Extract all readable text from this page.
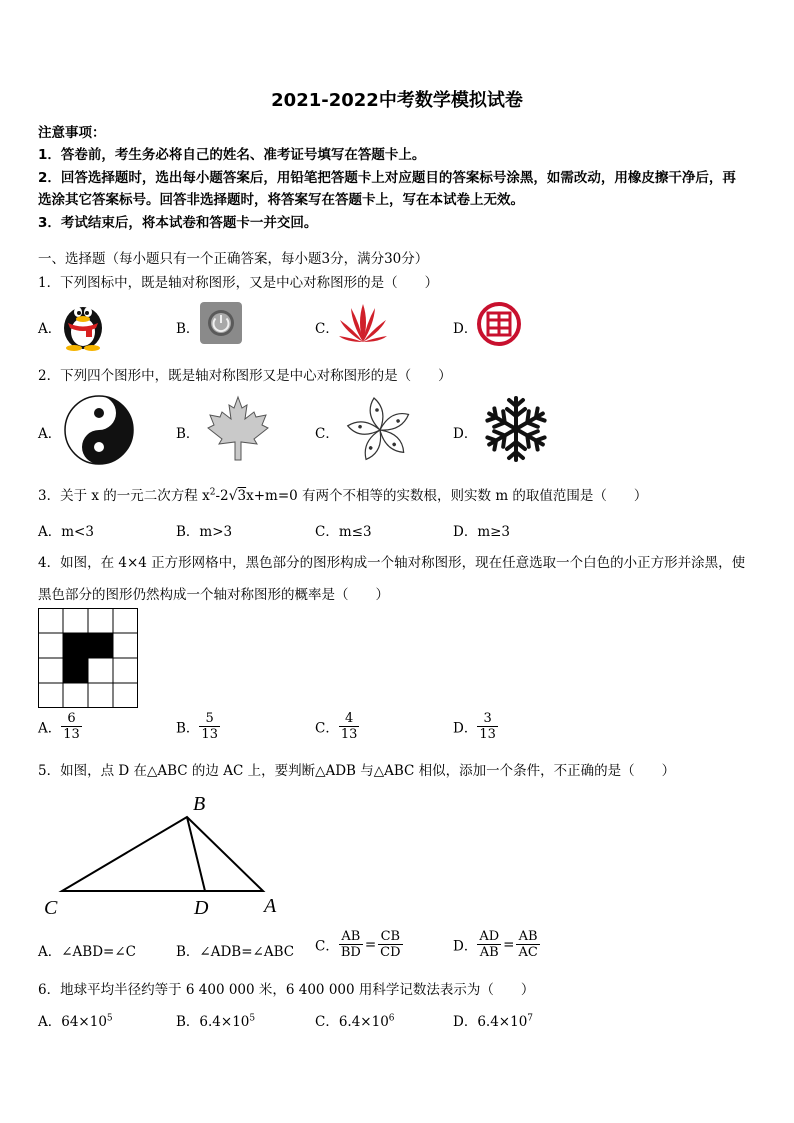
2021-2022中考数学模拟试卷
注意事项：
1．答卷前，考生务必将自己的姓名、准考证号填写在答题卡上。
2．回答选择题时，选出每小题答案后，用铅笔把答题卡上对应题目的答案标号涂黑，如需改动，用橡皮擦干净后，再
选涂其它答案标号。回答非选择题时，将答案写在答题卡上，写在本试卷上无效。
3．考试结束后，将本试卷和答题卡一并交回。
一、选择题（每小题只有一个正确答案，每小题3分，满分30分）
1．下列图标中，既是轴对称图形，又是中心对称图形的是（　　）
A．	B．	C．	D．
2．下列四个图形中，既是轴对称图形又是中心对称图形的是（　　）
A．	B．	C．	D．
3．关于 x 的一元二次方程 $x^2-2√3x+m=0$ 有两个不相等的实数根，则实数 m 的取值范围是（　　）
A．m<3	B．m>3	C．m≤3	D．m≥3
4．如图，在 4×4 正方形网格中，黑色部分的图形构成一个轴对称图形，现在任意选取一个白色的小正方形并涂黑，使
黑色部分的图形仍然构成一个轴对称图形的概率是（　　）
A． $\frac{6}{13}$	B． $\frac{5}{13}$	C． $\frac{4}{13}$	D． $\frac{3}{13}$
5．如图，点 D 在△ABC 的边 AC 上，要判断△ADB 与△ABC 相似，添加一个条件，不正确的是（　　）
B
C	D	A
A．∠ABD=∠C	B．∠ADB=∠ABC C． $\frac{AB}{BD} = \frac{CB}{CD}$	D． $\frac{AD}{AB} = \frac{AB}{AC}$
6．地球平均半径约等于 6 400 000 米，6 400 000 用科学记数法表示为（　　）
A．$64\times 10^5$	B．$6.4\times 10^5$	C．$6.4\times 10^6$	D．$6.4\times 10^7$
